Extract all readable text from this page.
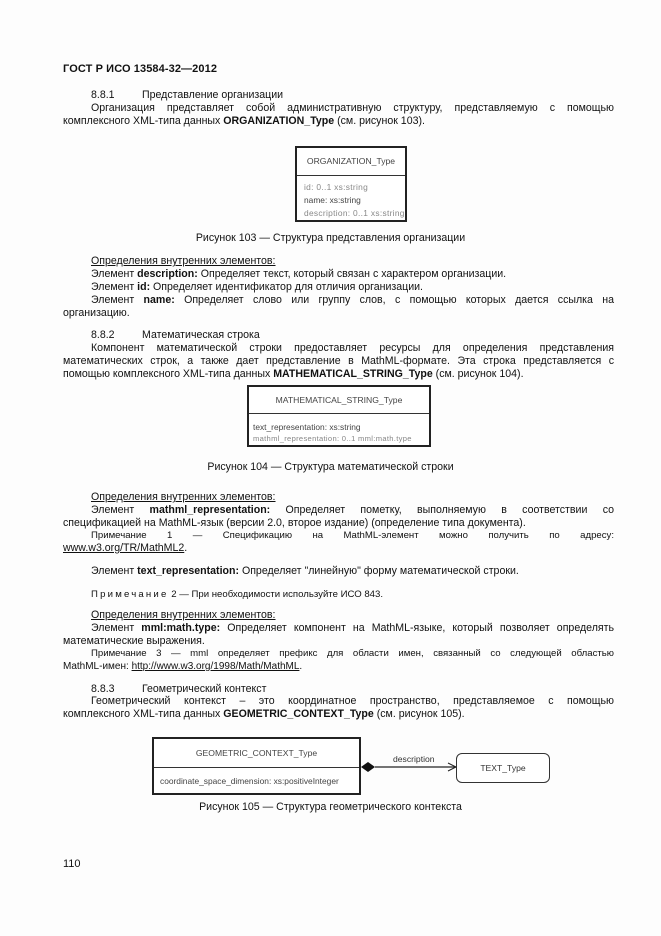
ГОСТ Р ИСО 13584-32—2012
8.8.1	Представление организации
Организация представляет собой административную структуру, представляемую с помощью
комплексного XML-типа данных ORGANIZATION_Type (см. рисунок 103).
ORGANIZATION_Type
id: 0..1 xs:string
name: xs:string
description: 0..1 xs:string
Рисунок 103 — Структура представления организации
Определения внутренних элементов:
Элемент description: Определяет текст, который связан с характером организации.
Элемент id: Определяет идентификатор для отличия организации.
Элемент name: Определяет слово или группу слов, с помощью которых дается ссылка на
организацию.
8.8.2	Математическая строка
Компонент математической строки предоставляет ресурсы для определения представления
математических строк, а также дает представление в MathML-формате. Эта строка представляется с
помощью комплексного XML-типа данных MATHEMATICAL_STRING_Type (см. рисунок 104).
MATHEMATICAL_STRING_Type
text_representation: xs:string
mathml_representation: 0..1 mml:math.type
Рисунок 104 — Структура математической строки
Определения внутренних элементов:
Элемент mathml_representation: Определяет пометку, выполняемую в соответствии со
спецификацией на MathML-язык (версии 2.0, второе издание) (определение типа документа).
Примечание 1 — Спецификацию на MathML-элемент можно получить по адресу:
www.w3.org/TR/MathML2.
Элемент text_representation: Определяет "линейную" форму математической строки.
Примечание 2 — При необходимости используйте ИСО 843.
Определения внутренних элементов:
Элемент mml:math.type: Определяет компонент на MathML-языке, который позволяет определять
математические выражения.
Примечание 3 — mml определяет префикс для области имен, связанный со следующей областью
MathML-имен: http://www.w3.org/1998/Math/MathML.
8.8.3	Геометрический контекст
Геометрический контекст – это координатное пространство, представляемое с помощью
комплексного XML-типа данных GEOMETRIC_CONTEXT_Type (см. рисунок 105).
GEOMETRIC_CONTEXT_Type
coordinate_space_dimension: xs:positiveInteger
description
TEXT_Type
Рисунок 105 — Структура геометрического контекста
110
